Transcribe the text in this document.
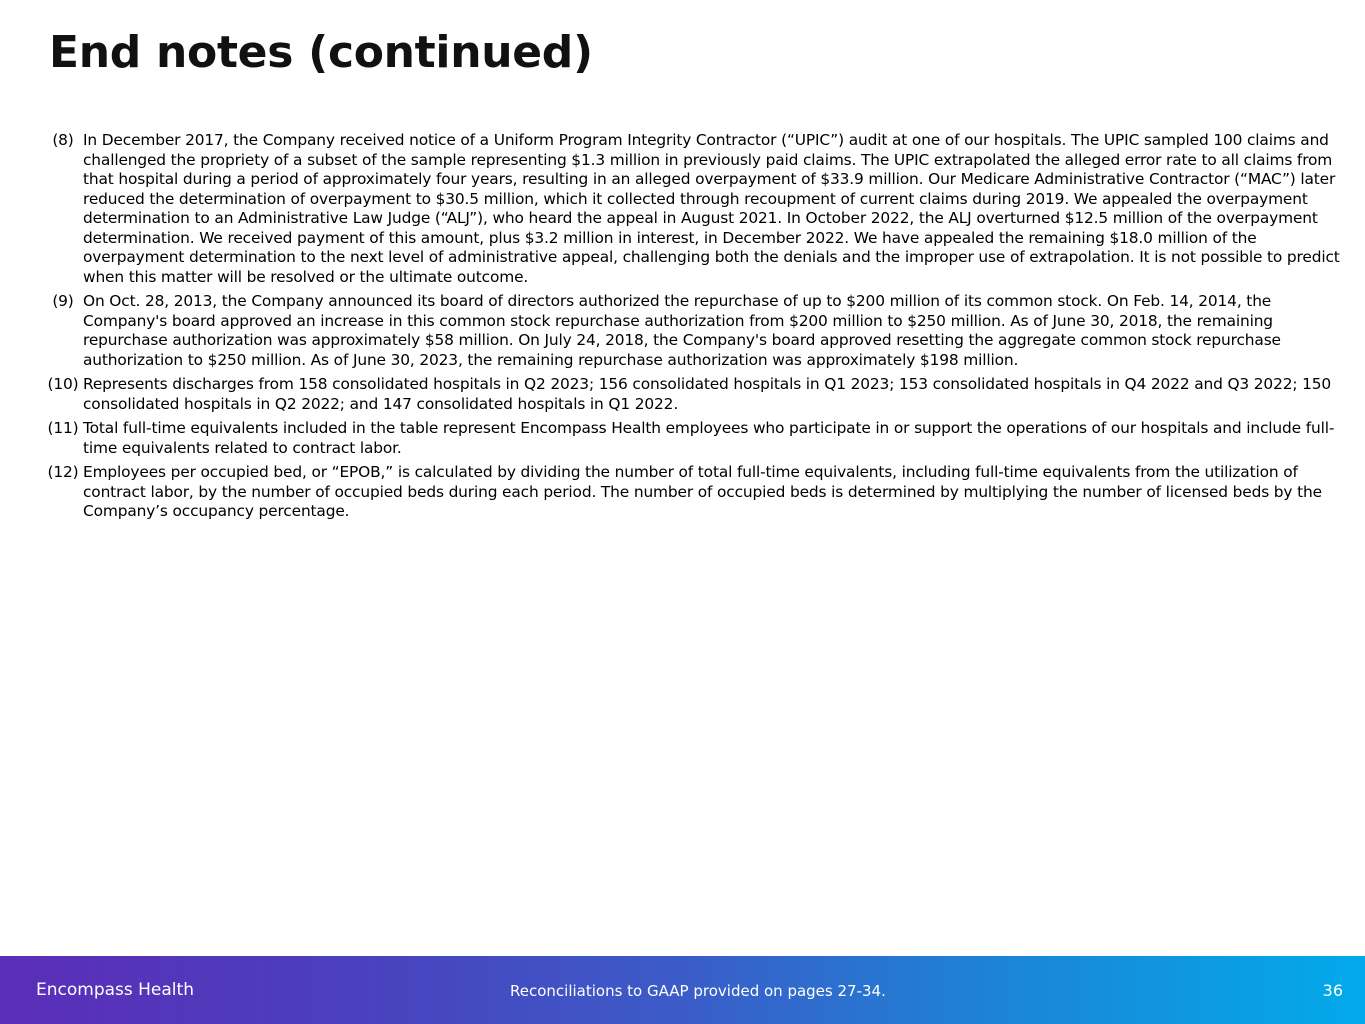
End notes (continued)
(8) In December 2017, the Company received notice of a Uniform Program Integrity Contractor (“UPIC”) audit at one of our hospitals. The UPIC sampled 100 claims and challenged the propriety of a subset of the sample representing $1.3 million in previously paid claims. The UPIC extrapolated the alleged error rate to all claims from that hospital during a period of approximately four years, resulting in an alleged overpayment of $33.9 million. Our Medicare Administrative Contractor (“MAC”) later reduced the determination of overpayment to $30.5 million, which it collected through recoupment of current claims during 2019. We appealed the overpayment determination to an Administrative Law Judge (“ALJ”), who heard the appeal in August 2021. In October 2022, the ALJ overturned $12.5 million of the overpayment determination. We received payment of this amount, plus $3.2 million in interest, in December 2022. We have appealed the remaining $18.0 million of the overpayment determination to the next level of administrative appeal, challenging both the denials and the improper use of extrapolation. It is not possible to predict when this matter will be resolved or the ultimate outcome.
(9) On Oct. 28, 2013, the Company announced its board of directors authorized the repurchase of up to $200 million of its common stock. On Feb. 14, 2014, the Company's board approved an increase in this common stock repurchase authorization from $200 million to $250 million. As of June 30, 2018, the remaining repurchase authorization was approximately $58 million. On July 24, 2018, the Company's board approved resetting the aggregate common stock repurchase authorization to $250 million. As of June 30, 2023, the remaining repurchase authorization was approximately $198 million.
(10) Represents discharges from 158 consolidated hospitals in Q2 2023; 156 consolidated hospitals in Q1 2023; 153 consolidated hospitals in Q4 2022 and Q3 2022; 150 consolidated hospitals in Q2 2022; and 147 consolidated hospitals in Q1 2022.
(11) Total full-time equivalents included in the table represent Encompass Health employees who participate in or support the operations of our hospitals and include full-time equivalents related to contract labor.
(12) Employees per occupied bed, or “EPOB,” is calculated by dividing the number of total full-time equivalents, including full-time equivalents from the utilization of contract labor, by the number of occupied beds during each period. The number of occupied beds is determined by multiplying the number of licensed beds by the Company’s occupancy percentage.
Encompass Health	Reconciliations to GAAP provided on pages 27-34.	36
